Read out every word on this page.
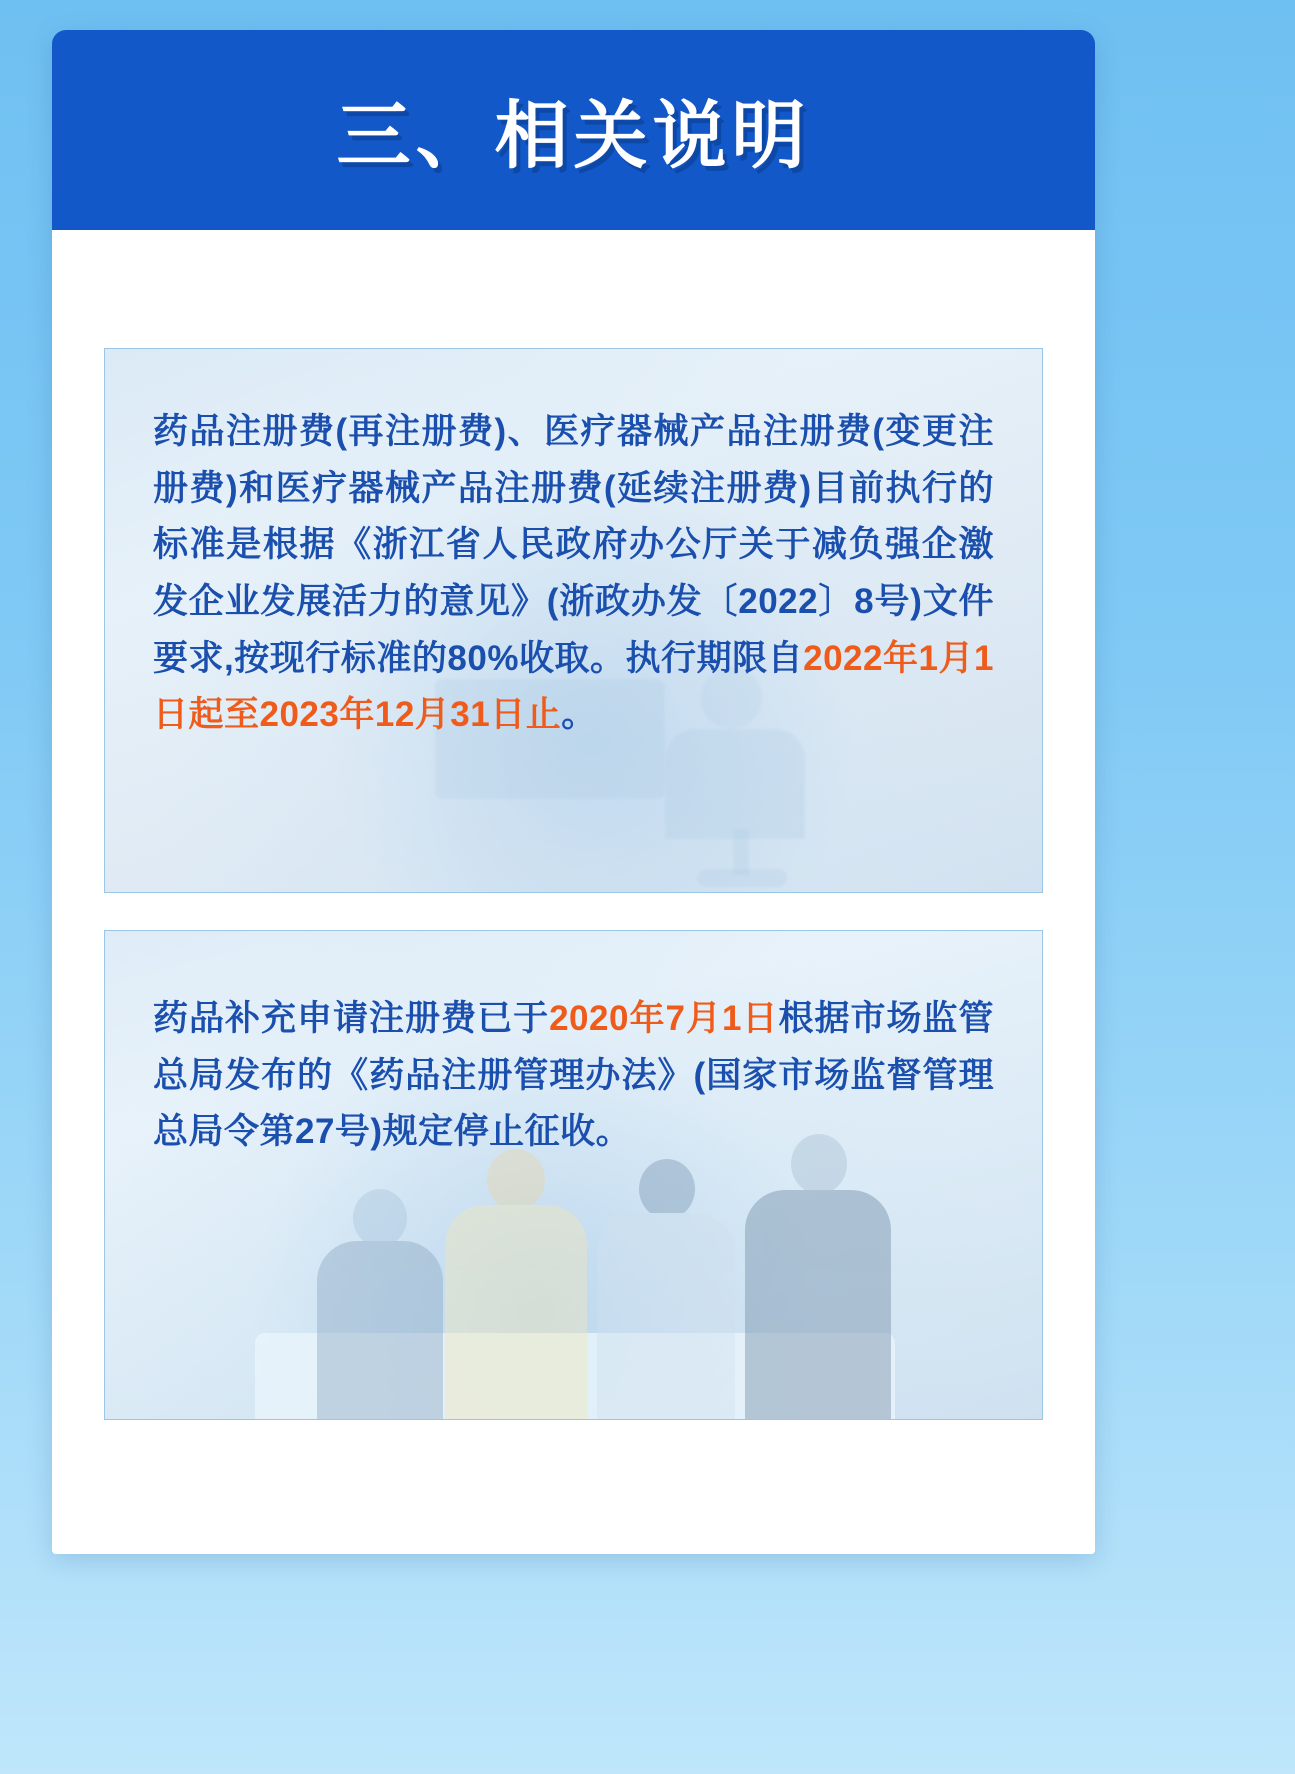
三、相关说明
药品注册费(再注册费)、医疗器械产品注册费(变更注册费)和医疗器械产品注册费(延续注册费)目前执行的标准是根据《浙江省人民政府办公厅关于减负强企激发企业发展活力的意见》(浙政办发〔2022〕8号)文件要求,按现行标准的80%收取。执行期限自2022年1月1日起至2023年12月31日止。
药品补充申请注册费已于2020年7月1日根据市场监管总局发布的《药品注册管理办法》(国家市场监督管理总局令第27号)规定停止征收。
